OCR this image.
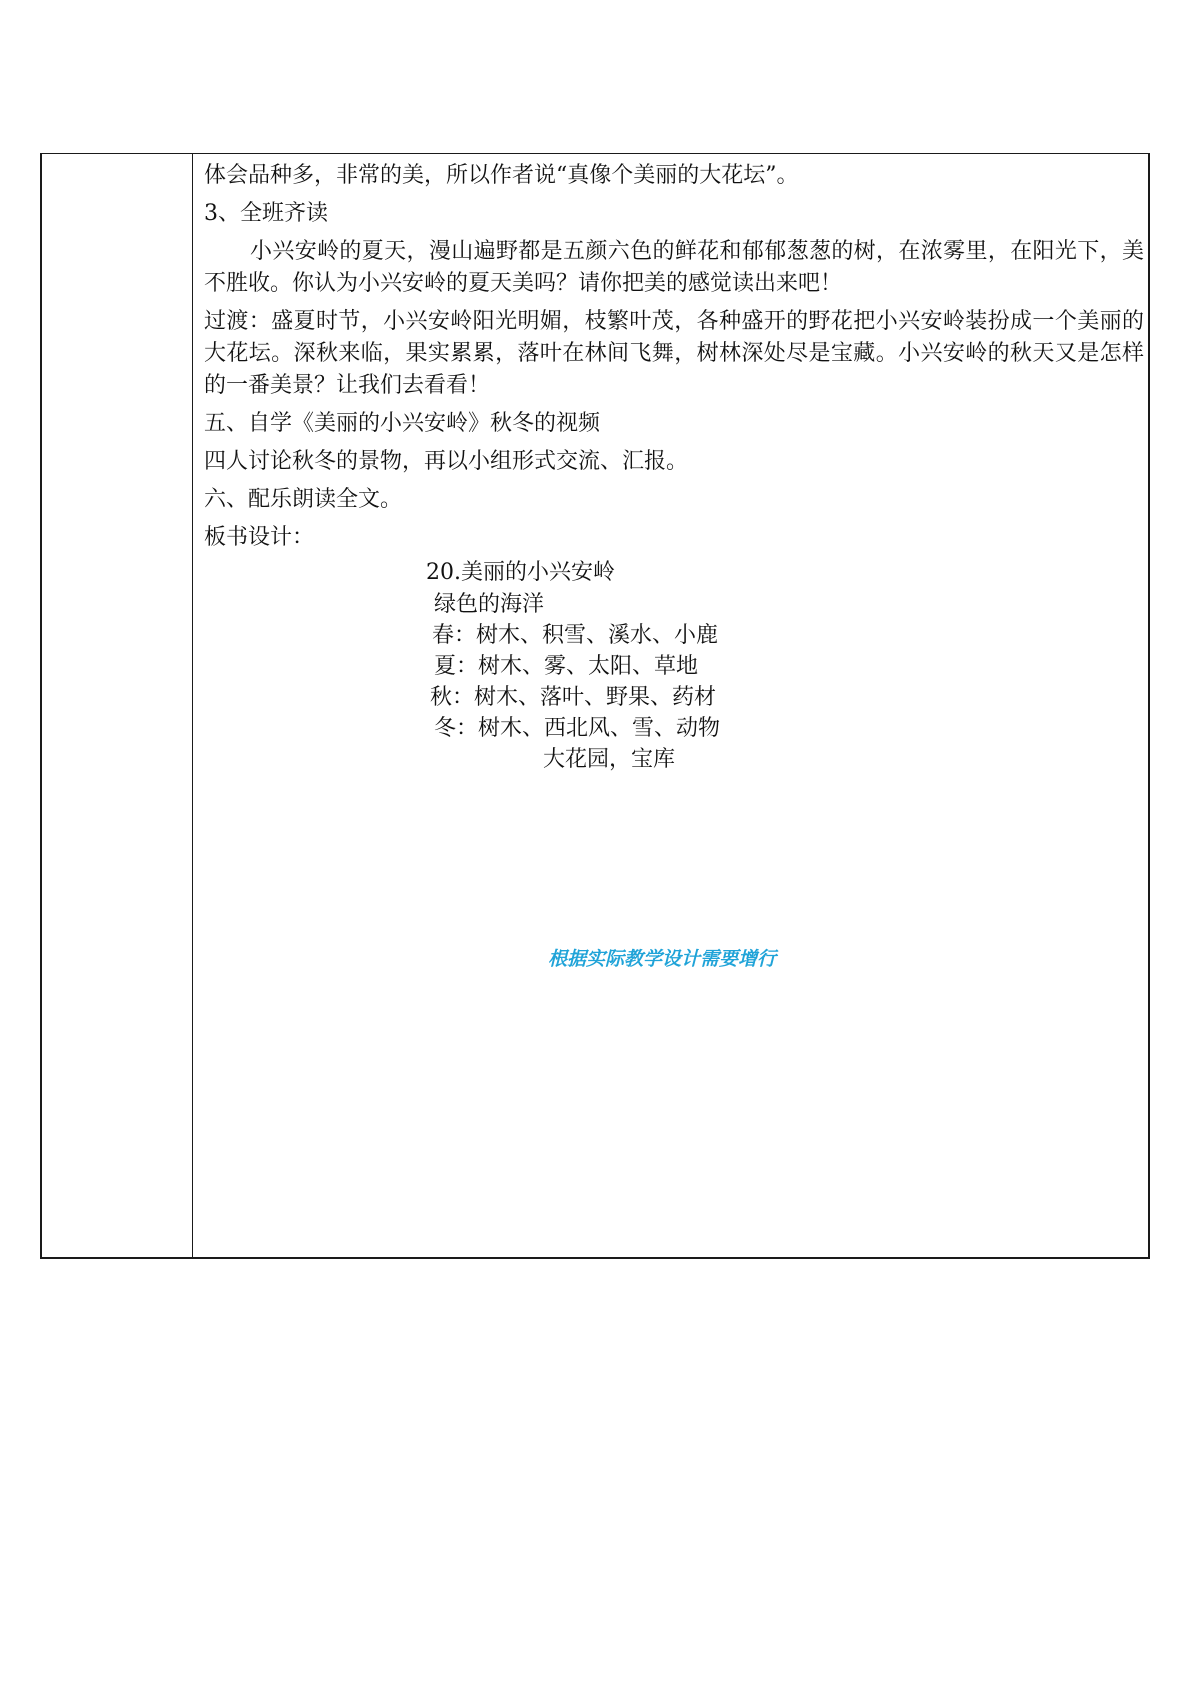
体会品种多，非常的美，所以作者说“真像个美丽的大花坛”。

3、全班齐读

小兴安岭的夏天，漫山遍野都是五颜六色的鲜花和郁郁葱葱的树，在浓雾里，在阳光下，美不胜收。你认为小兴安岭的夏天美吗？请你把美的感觉读出来吧！

过渡：盛夏时节，小兴安岭阳光明媚，枝繁叶茂，各种盛开的野花把小兴安岭装扮成一个美丽的大花坛。深秋来临，果实累累，落叶在林间飞舞，树林深处尽是宝藏。小兴安岭的秋天又是怎样的一番美景？让我们去看看！

五、自学《美丽的小兴安岭》秋冬的视频

四人讨论秋冬的景物，再以小组形式交流、汇报。

六、配乐朗读全文。

板书设计：

20.美丽的小兴安岭
绿色的海洋
春：树木、积雪、溪水、小鹿
夏：树木、雾、太阳、草地
秋：树木、落叶、野果、药材
冬：树木、西北风、雪、动物
大花园，宝库
根据实际教学设计需要增行
